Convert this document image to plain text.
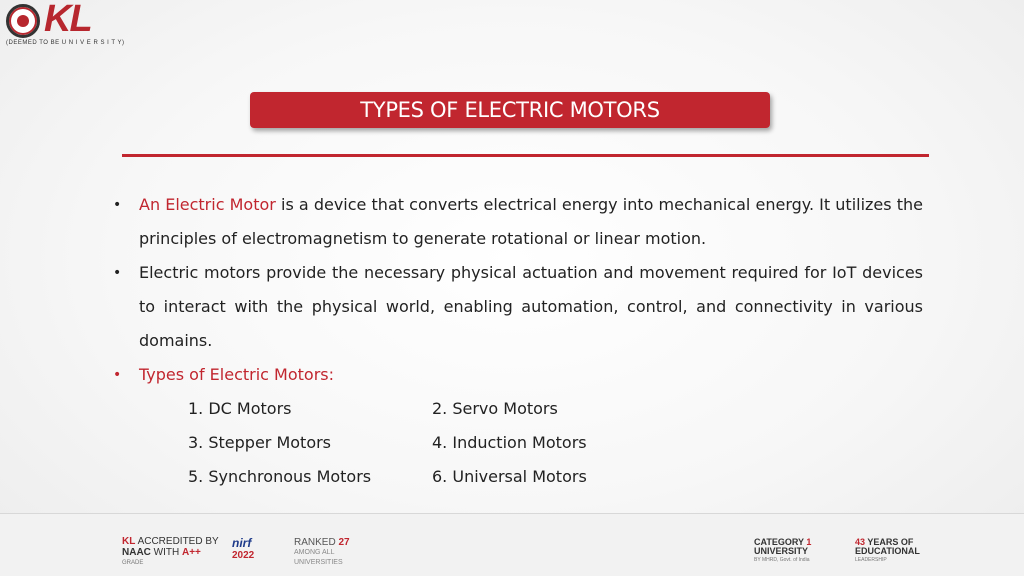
KL
(DEEMED TO BE U N I V E R S I T Y)
TYPES OF ELECTRIC MOTORS
• An Electric Motor is a device that converts electrical energy into mechanical energy. It utilizes the principles of electromagnetism to generate rotational or linear motion.
• Electric motors provide the necessary physical actuation and movement required for IoT devices to interact with the physical world, enabling automation, control, and connectivity in various domains.
• Types of Electric Motors:
1. DC Motors	2. Servo Motors
3. Stepper Motors	4. Induction Motors
5. Synchronous Motors	6. Universal Motors
KL ACCREDITED BY
NAAC WITH A++
GRADE
nirf
2022
RANKED 27
AMONG ALL
UNIVERSITIES
CATEGORY 1
UNIVERSITY
BY MHRD, Govt. of India
43 YEARS OF
EDUCATIONAL
LEADERSHIP
